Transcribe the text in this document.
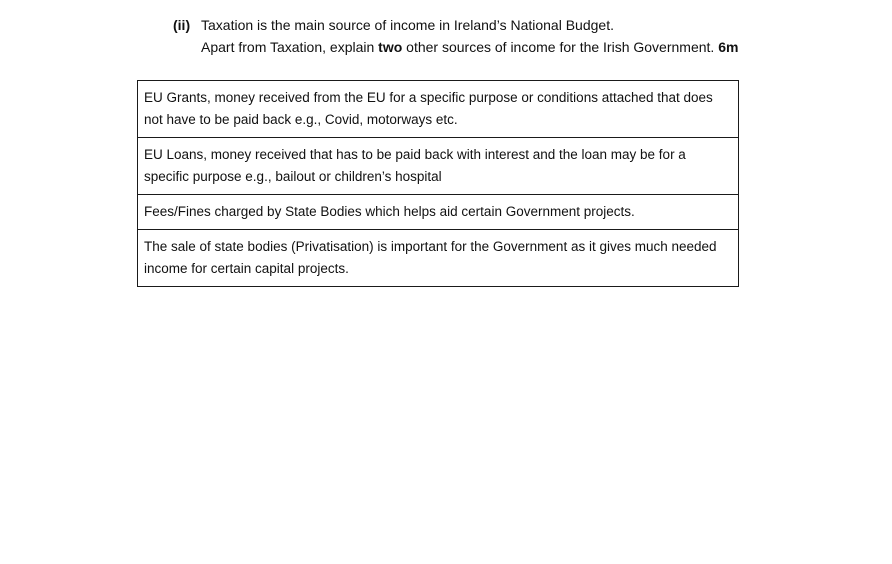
(ii) Taxation is the main source of income in Ireland’s National Budget.
Apart from Taxation, explain two other sources of income for the Irish Government. 6m
EU Grants, money received from the EU for a specific purpose or conditions attached that does not have to be paid back e.g., Covid, motorways etc.
EU Loans, money received that has to be paid back with interest and the loan may be for a specific purpose e.g., bailout or children’s hospital
Fees/Fines charged by State Bodies which helps aid certain Government projects.
The sale of state bodies (Privatisation) is important for the Government as it gives much needed income for certain capital projects.
